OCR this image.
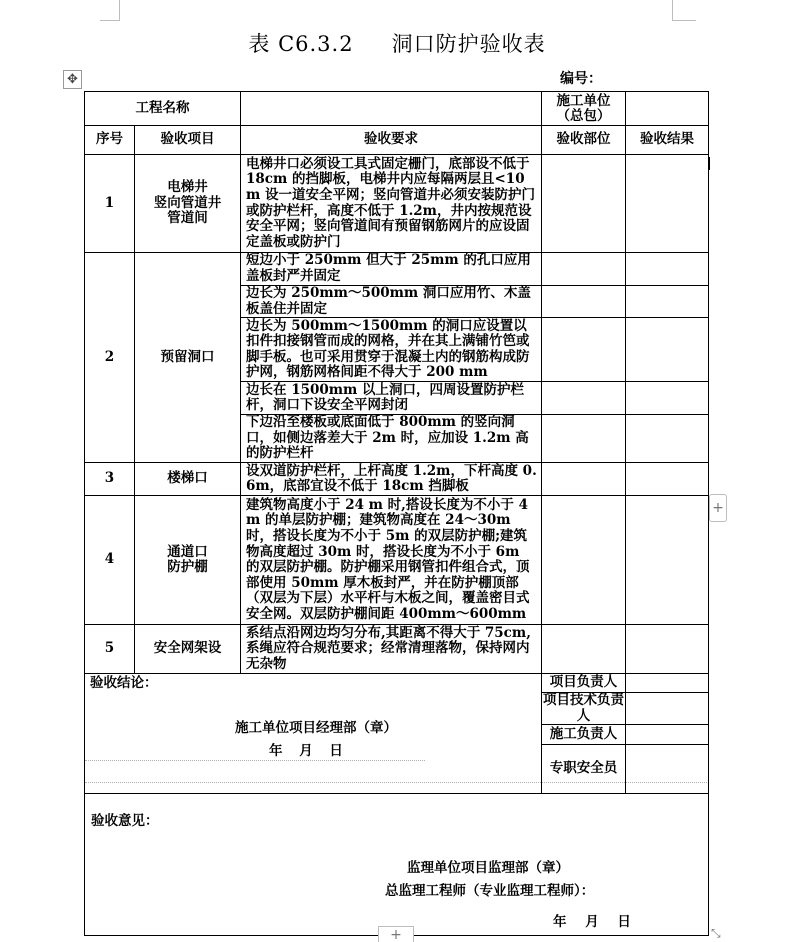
表 C6.3.2 洞口防护验收表
✥	编号：
工程名称			施工单位
（总包）	

序号	验收项目	验收要求	验收部位	验收结果
1	电梯井
竖向管道井
管道间	电梯井口必须设工具式固定栅门，底部设不低于 18cm 的挡脚板，电梯井内应每隔两层且<10m 设一道安全平网；竖向管道井必须安装防护门或防护栏杆，高度不低于 1.2m，井内按规范设安全平网；竖向管道间有预留钢筋网片的应设固定盖板或防护门		
2	预留洞口	短边小于 250mm 但大于 25mm 的孔口应用盖板封严并固定		
		边长为 250mm～500mm 洞口应用竹、木盖板盖住并固定		
		边长为 500mm～1500mm 的洞口应设置以扣件扣接钢管而成的网格，并在其上满铺竹笆或脚手板。也可采用贯穿于混凝土内的钢筋构成防护网，钢筋网格间距不得大于 200 mm		
		边长在 1500mm 以上洞口，四周设置防护栏杆，洞口下设安全平网封闭		
		下边沿至楼板或底面低于 800mm 的竖向洞口，如侧边落差大于 2m 时，应加设 1.2m 高的防护栏杆		
3	楼梯口	设双道防护栏杆，上杆高度 1.2m，下杆高度 0.6m，底部宜设不低于 18cm 挡脚板		
4	通道口
防护棚	建筑物高度小于 24 m 时,搭设长度为不小于 4m 的单层防护棚；建筑物高度在 24～30m 时，搭设长度为不小于 5m 的双层防护棚;建筑物高度超过 30m 时，搭设长度为不小于 6m 的双层防护棚。防护棚采用钢管扣件组合式，顶部使用 50mm 厚木板封严，并在防护棚顶部（双层为下层）水平杆与木板之间，覆盖密目式安全网。双层防护棚间距 400mm～600mm		
5	安全网架设	系结点沿网边均匀分布,其距离不得大于 75cm,系绳应符合规范要求；经常清理落物，保持网内无杂物		

验收结论：
施工单位项目经理部（章）
年 月 日			项目负责人	
			项目技术负责人	
			施工负责人	
			专职安全员	

验收意见：
监理单位项目监理部（章）
总监理工程师（专业监理工程师）：
年 月 日				
+
+	⤡
